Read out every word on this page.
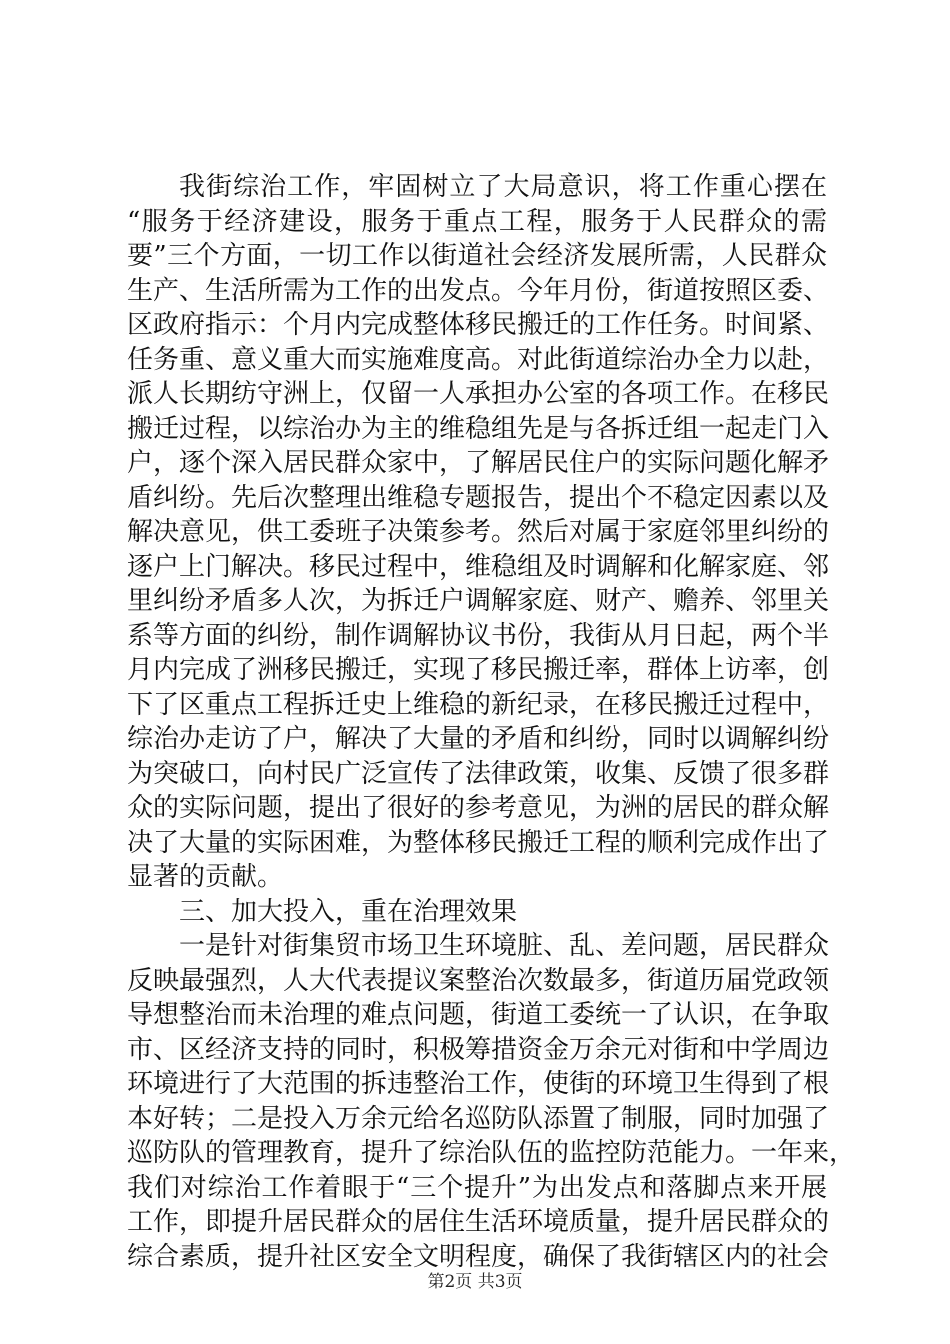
我街综治工作，牢固树立了大局意识，将工作重心摆在
“服务于经济建设，服务于重点工程，服务于人民群众的需
要”三个方面，一切工作以街道社会经济发展所需，人民群众
生产、生活所需为工作的出发点。今年月份，街道按照区委、
区政府指示：个月内完成整体移民搬迁的工作任务。时间紧、
任务重、意义重大而实施难度高。对此街道综治办全力以赴，
派人长期纺守洲上，仅留一人承担办公室的各项工作。在移民
搬迁过程，以综治办为主的维稳组先是与各拆迁组一起走门入
户，逐个深入居民群众家中，了解居民住户的实际问题化解矛
盾纠纷。先后次整理出维稳专题报告，提出个不稳定因素以及
解决意见，供工委班子决策参考。然后对属于家庭邻里纠纷的
逐户上门解决。移民过程中，维稳组及时调解和化解家庭、邻
里纠纷矛盾多人次，为拆迁户调解家庭、财产、赡养、邻里关
系等方面的纠纷，制作调解协议书份，我街从月日起，两个半
月内完成了洲移民搬迁，实现了移民搬迁率，群体上访率，创
下了区重点工程拆迁史上维稳的新纪录，在移民搬迁过程中，
综治办走访了户，解决了大量的矛盾和纠纷，同时以调解纠纷
为突破口，向村民广泛宣传了法律政策，收集、反馈了很多群
众的实际问题，提出了很好的参考意见，为洲的居民的群众解
决了大量的实际困难，为整体移民搬迁工程的顺利完成作出了
显著的贡献。
三、加大投入，重在治理效果
一是针对街集贸市场卫生环境脏、乱、差问题，居民群众
反映最强烈，人大代表提议案整治次数最多，街道历届党政领
导想整治而未治理的难点问题，街道工委统一了认识，在争取
市、区经济支持的同时，积极筹措资金万余元对街和中学周边
环境进行了大范围的拆违整治工作，使街的环境卫生得到了根
本好转；二是投入万余元给名巡防队添置了制服，同时加强了
巡防队的管理教育，提升了综治队伍的监控防范能力。一年来，
我们对综治工作着眼于“三个提升”为出发点和落脚点来开展
工作，即提升居民群众的居住生活环境质量，提升居民群众的
综合素质，提升社区安全文明程度，确保了我街辖区内的社会
第2页 共3页
